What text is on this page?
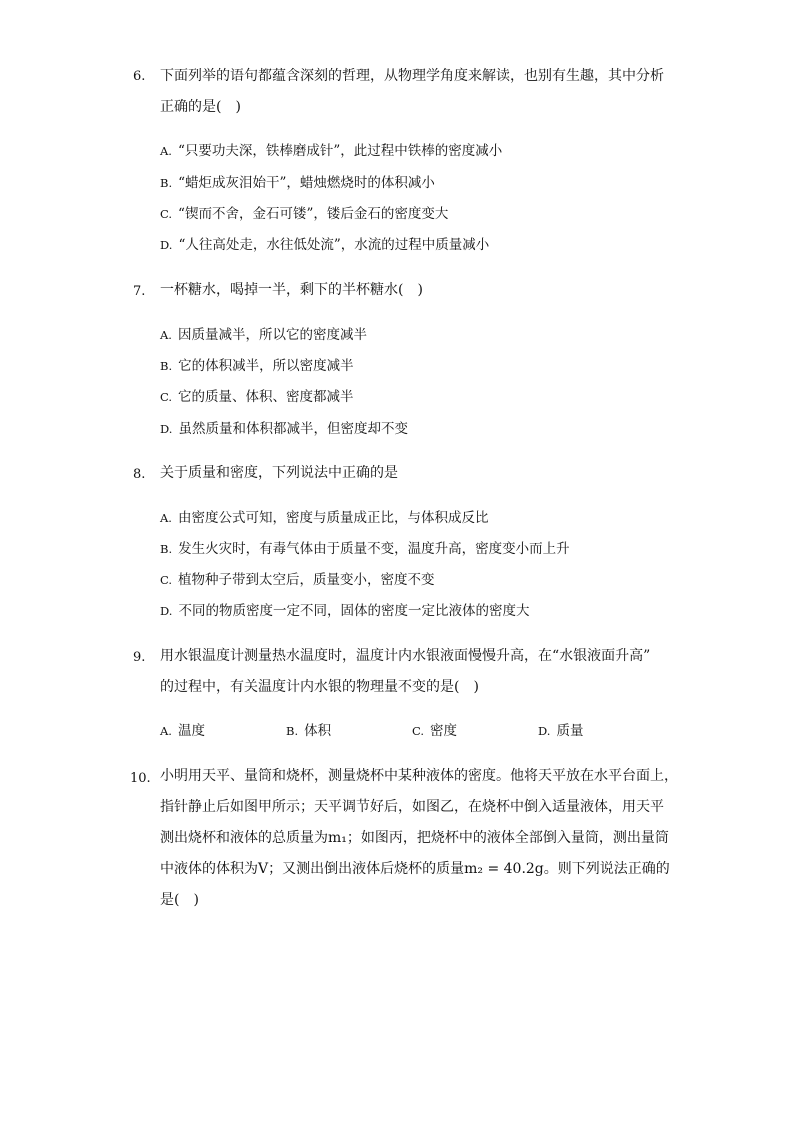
6. 下面列举的语句都蕴含深刻的哲理，从物理学角度来解读，也别有生趣，其中分析
正确的是(　)
A. “只要功夫深，铁棒磨成针”，此过程中铁棒的密度减小
B. “蜡炬成灰泪始干”，蜡烛燃烧时的体积减小
C. “锲而不舍，金石可镂”，镂后金石的密度变大
D. “人往高处走，水往低处流”，水流的过程中质量减小
7. 一杯糖水，喝掉一半，剩下的半杯糖水(　)
A. 因质量减半，所以它的密度减半
B. 它的体积减半，所以密度减半
C. 它的质量、体积、密度都减半
D. 虽然质量和体积都减半，但密度却不变
8. 关于质量和密度，下列说法中正确的是
A. 由密度公式可知，密度与质量成正比，与体积成反比
B. 发生火灾时，有毒气体由于质量不变，温度升高，密度变小而上升
C. 植物种子带到太空后，质量变小，密度不变
D. 不同的物质密度一定不同，固体的密度一定比液体的密度大
9. 用水银温度计测量热水温度时，温度计内水银液面慢慢升高，在“水银液面升高”
的过程中，有关温度计内水银的物理量不变的是(　)
A. 温度	B. 体积	C. 密度	D. 质量
10. 小明用天平、量筒和烧杯，测量烧杯中某种液体的密度。他将天平放在水平台面上，
指针静止后如图甲所示；天平调节好后，如图乙，在烧杯中倒入适量液体，用天平
测出烧杯和液体的总质量为m₁；如图丙，把烧杯中的液体全部倒入量筒，测出量筒
中液体的体积为V；又测出倒出液体后烧杯的质量m₂ = 40.2g。则下列说法正确的
是(　)
